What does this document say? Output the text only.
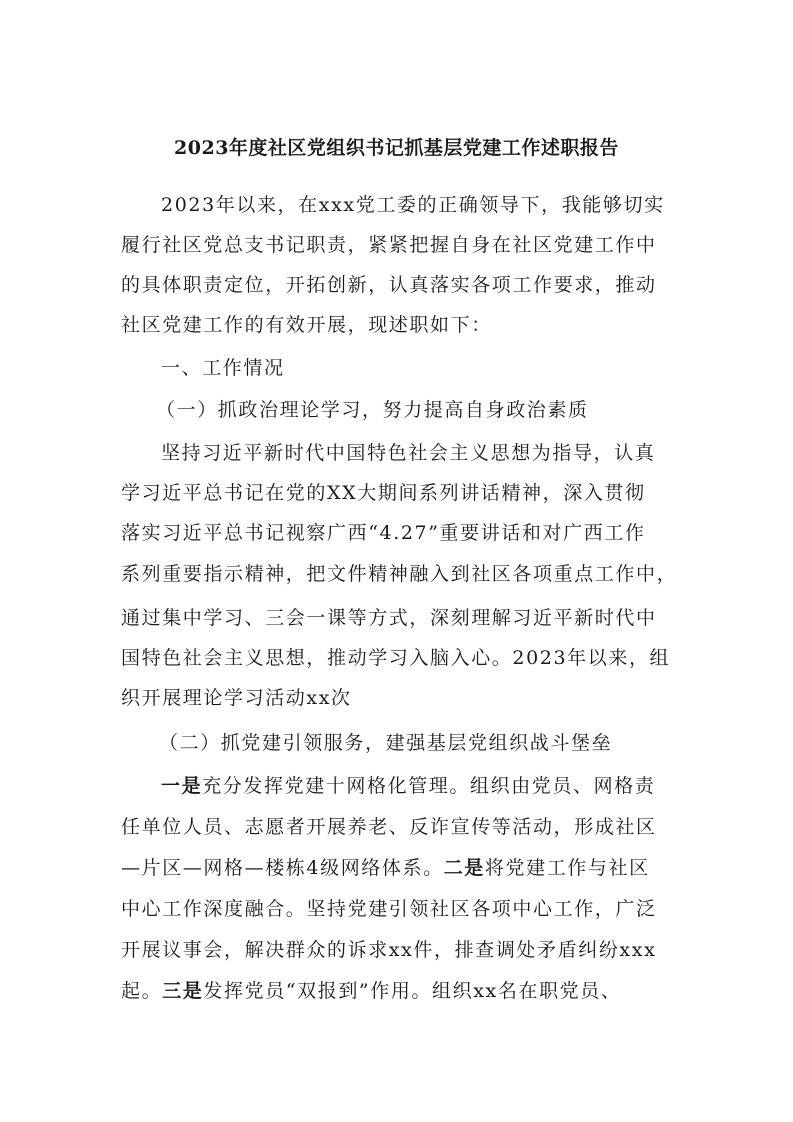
2023年度社区党组织书记抓基层党建工作述职报告

2023年以来，在xxx党工委的正确领导下，我能够切实

履行社区党总支书记职责，紧紧把握自身在社区党建工作中

的具体职责定位，开拓创新，认真落实各项工作要求，推动

社区党建工作的有效开展，现述职如下：

一、工作情况

（一）抓政治理论学习，努力提高自身政治素质

坚持习近平新时代中国特色社会主义思想为指导，认真

学习近平总书记在党的XX大期间系列讲话精神，深入贯彻

落实习近平总书记视察广西“4.27”重要讲话和对广西工作

系列重要指示精神，把文件精神融入到社区各项重点工作中，

通过集中学习、三会一课等方式，深刻理解习近平新时代中

国特色社会主义思想，推动学习入脑入心。2023年以来，组

织开展理论学习活动xx次

（二）抓党建引领服务，建强基层党组织战斗堡垒

一是充分发挥党建十网格化管理。组织由党员、网格责

任单位人员、志愿者开展养老、反诈宣传等活动，形成社区

—片区—网格—楼栋4级网络体系。二是将党建工作与社区

中心工作深度融合。坚持党建引领社区各项中心工作，广泛

开展议事会，解决群众的诉求xx件，排查调处矛盾纠纷xxx

起。三是发挥党员“双报到”作用。组织xx名在职党员、
